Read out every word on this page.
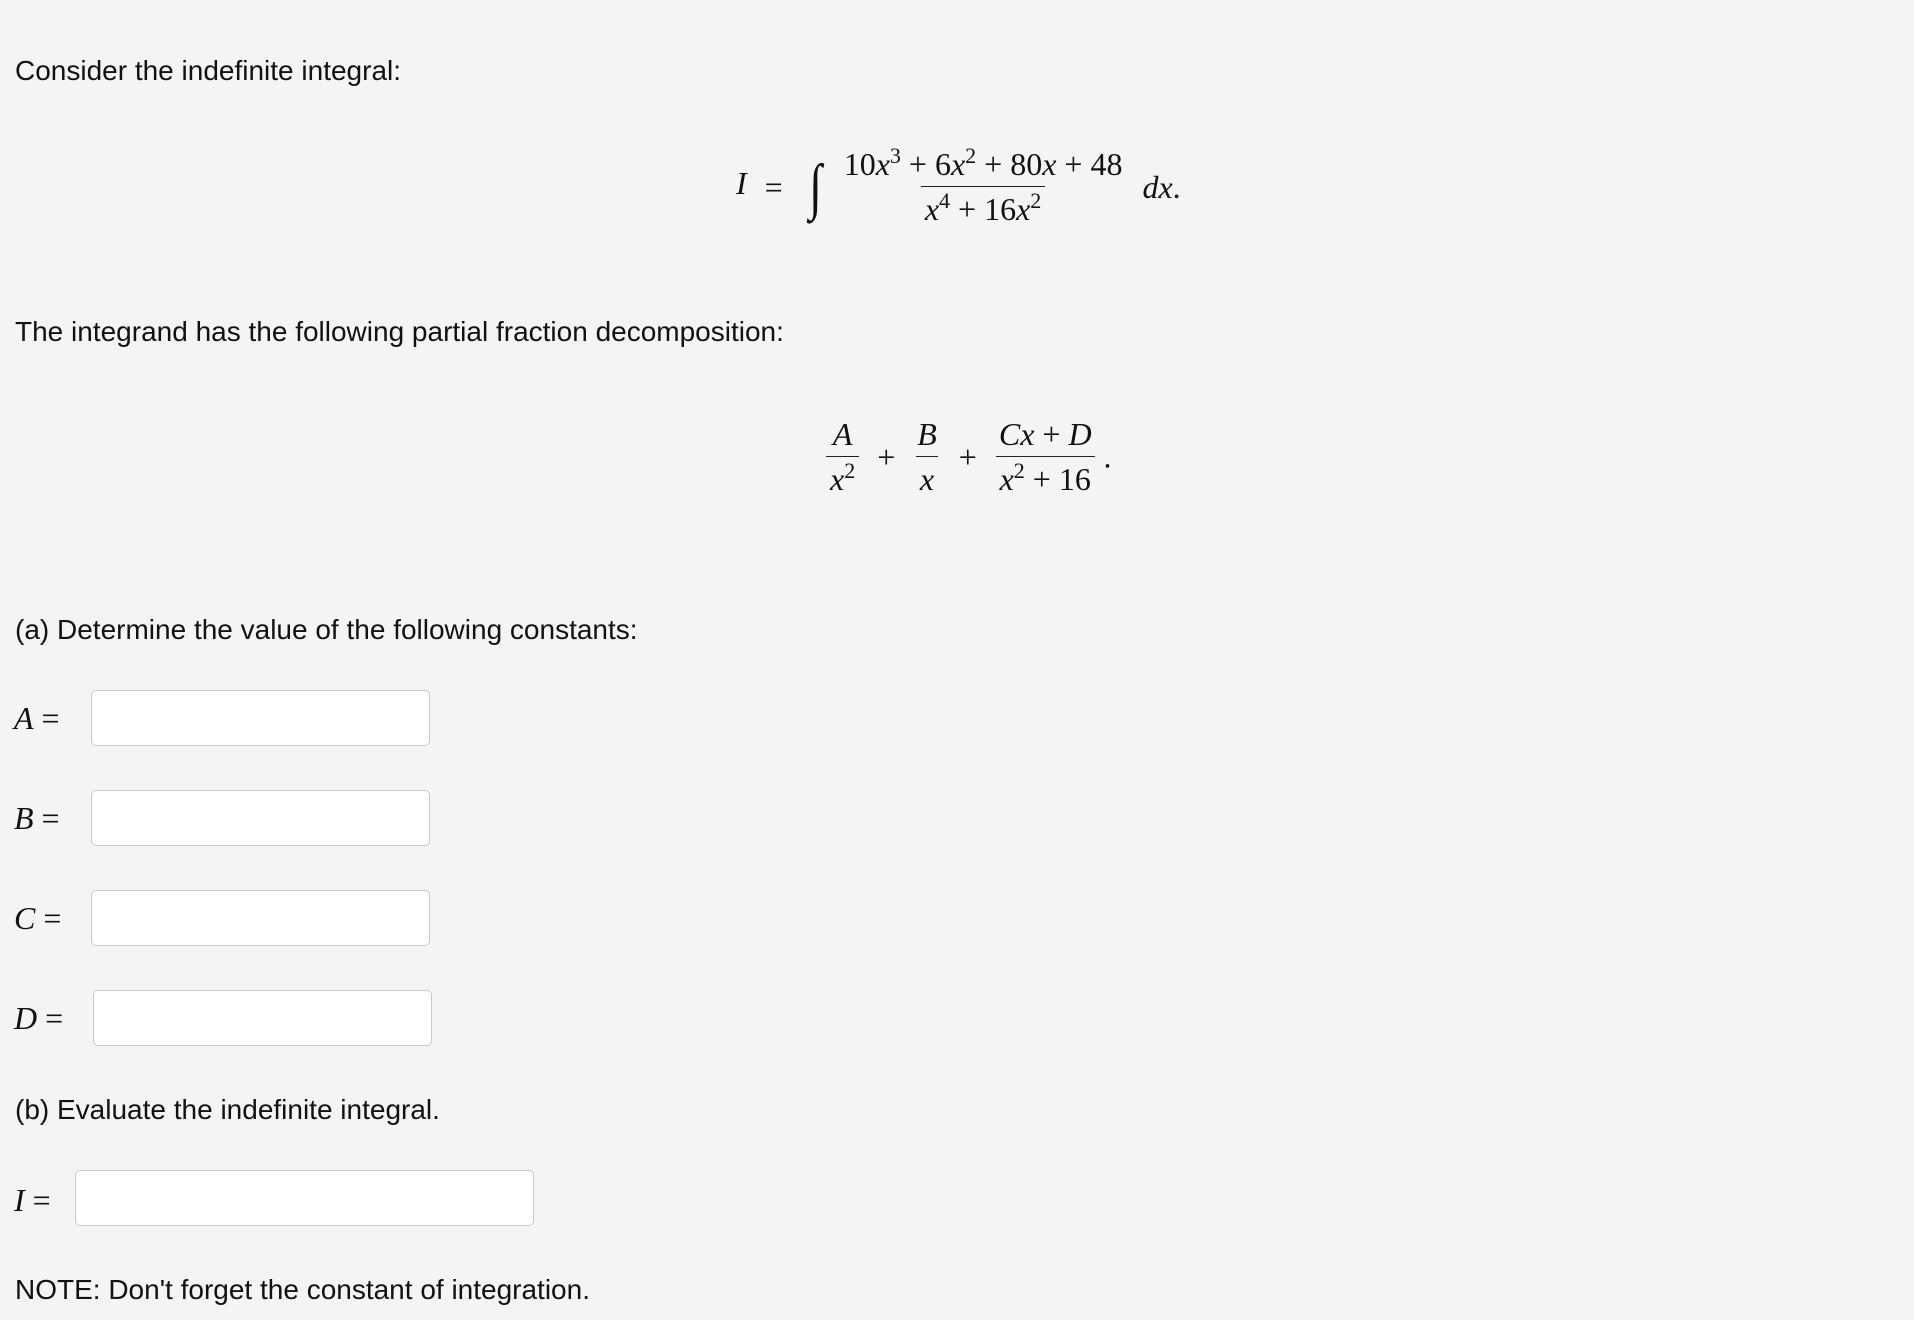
Consider the indefinite integral:
I = ∫ $\frac{10x^3 + 6x^2 + 80x + 48}{x^4 + 16x^2}$ dx.
The integrand has the following partial fraction decomposition:
$\frac{A}{x^2} + \frac{B}{x} + \frac{Cx + D}{x^2 + 16}$ .
(a) Determine the value of the following constants:
A =
B =
C =
D =
(b) Evaluate the indefinite integral.
I =
NOTE: Don't forget the constant of integration.
